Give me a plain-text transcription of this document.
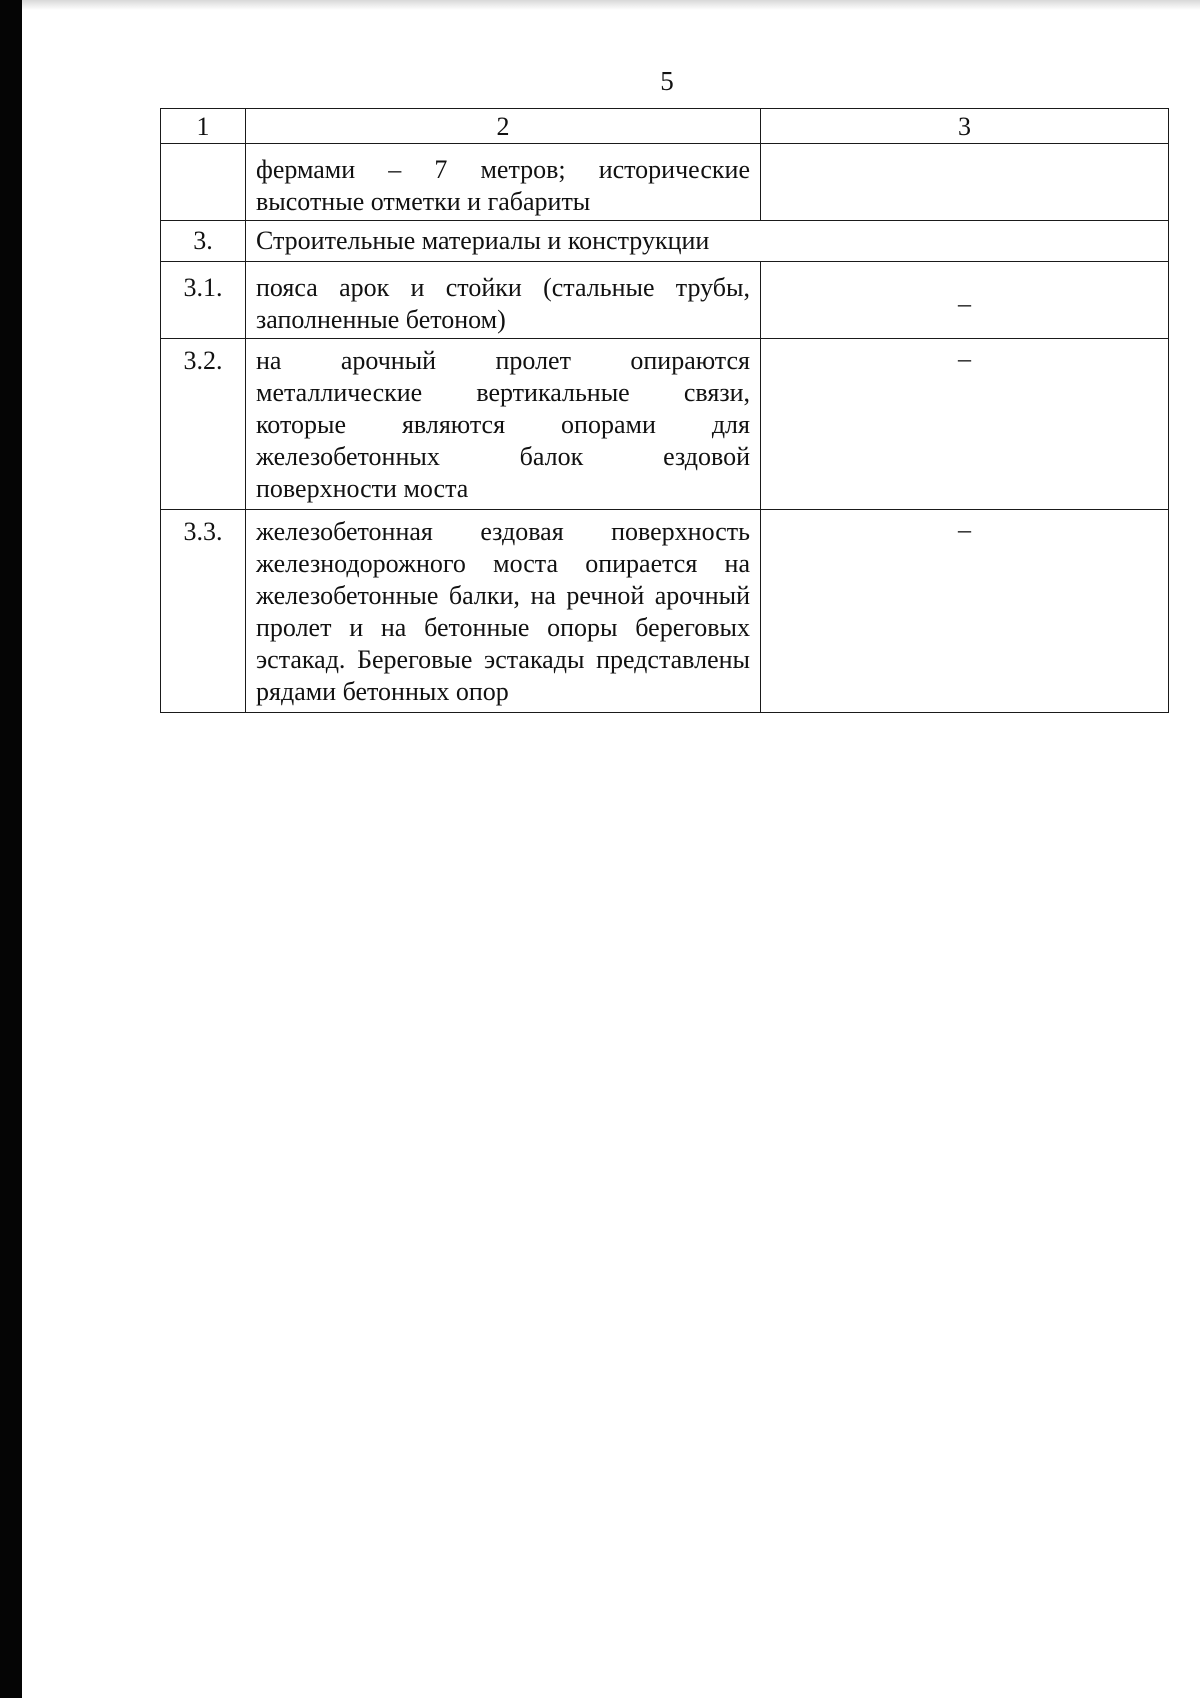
5
1	2	3
	фермами – 7 метров; исторические высотные отметки и габариты	
3.	Строительные материалы и конструкции	
3.1.	пояса арок и стойки (стальные трубы, заполненные бетоном)	–
3.2.	на арочный пролет опираются металлические вертикальные связи, которые являются опорами для железобетонных балок ездовой поверхности моста	–
3.3.	железобетонная ездовая поверхность железнодорожного моста опирается на железобетонные балки, на речной арочный пролет и на бетонные опоры береговых эстакад. Береговые эстакады представлены рядами бетонных опор	–
